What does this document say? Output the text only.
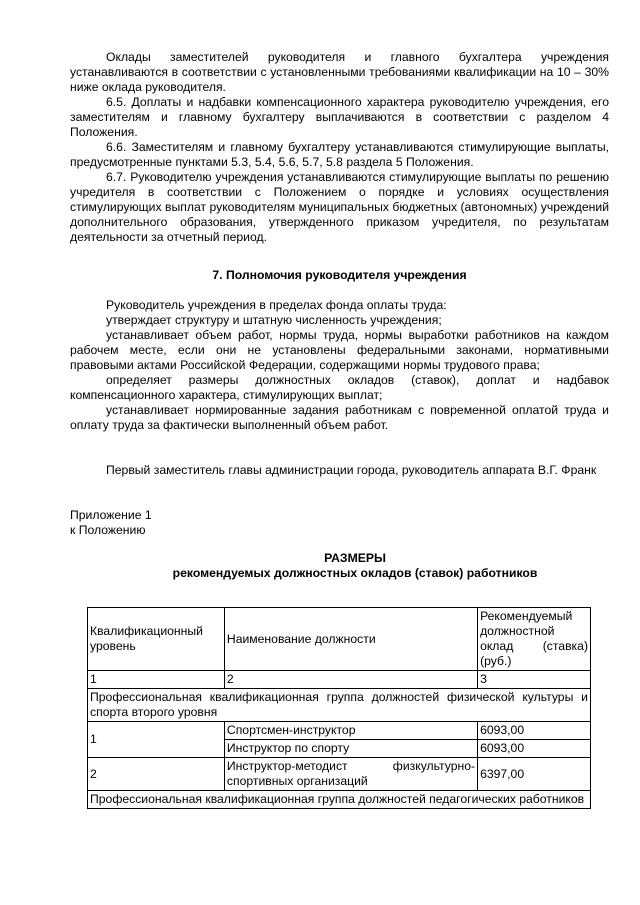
Оклады заместителей руководителя и главного бухгалтера учреждения устанавливаются в соответствии с установленными требованиями квалификации на 10 – 30% ниже оклада руководителя.

6.5. Доплаты и надбавки компенсационного характера руководителю учреждения, его заместителям и главному бухгалтеру выплачиваются в соответствии с разделом 4 Положения.

6.6. Заместителям и главному бухгалтеру устанавливаются стимулирующие выплаты, предусмотренные пунктами 5.3, 5.4, 5.6, 5.7, 5.8 раздела 5 Положения.

6.7. Руководителю учреждения устанавливаются стимулирующие выплаты по решению учредителя в соответствии с Положением о порядке и условиях осуществления стимулирующих выплат руководителям муниципальных бюджетных (автономных) учреждений дополнительного образования, утвержденного приказом учредителя, по результатам деятельности за отчетный период.

7. Полномочия руководителя учреждения

Руководитель учреждения в пределах фонда оплаты труда:

утверждает структуру и штатную численность учреждения;

устанавливает объем работ, нормы труда, нормы выработки работников на каждом рабочем месте, если они не установлены федеральными законами, нормативными правовыми актами Российской Федерации, содержащими нормы трудового права;

определяет размеры должностных окладов (ставок), доплат и надбавок компенсационного характера, стимулирующих выплат;

устанавливает нормированные задания работникам с повременной оплатой труда и оплату труда за фактически выполненный объем работ.

Первый заместитель главы администрации города, руководитель аппарата В.Г. Франк

Приложение 1
к Положению
РАЗМЕРЫ
рекомендуемых должностных окладов (ставок) работников
Квалификационный уровень	Наименование должности	Рекомендуемый должностной оклад (ставка) (руб.)
1	2	3
Профессиональная квалификационная группа должностей физической культуры и спорта второго уровня		
1	Спортсмен-инструктор	6093,00
	Инструктор по спорту	6093,00
2	Инструктор-методист физкультурно-спортивных организаций	6397,00
Профессиональная квалификационная группа должностей педагогических работников		
